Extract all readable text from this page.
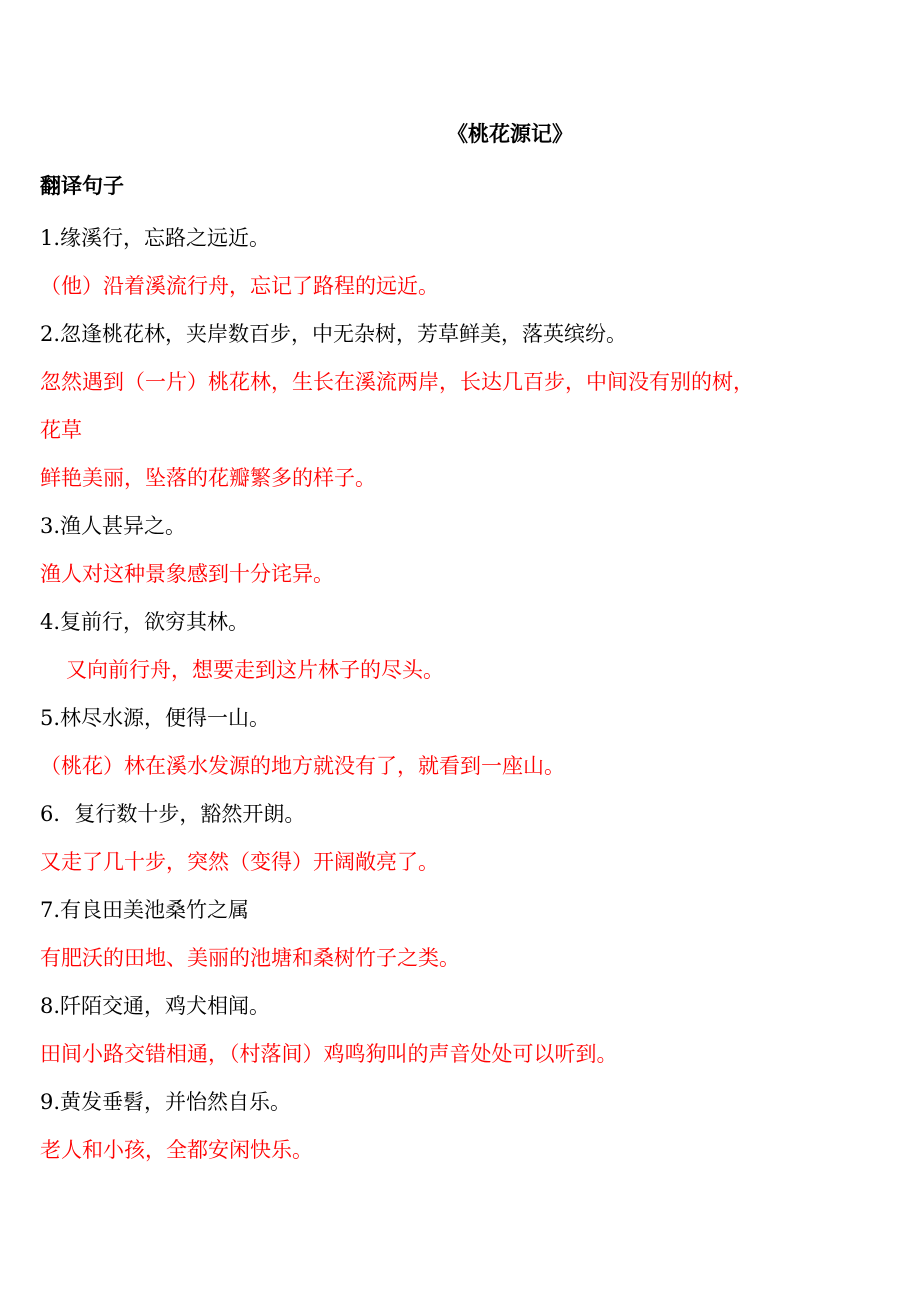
《桃花源记》
翻译句子
1.缘溪行，忘路之远近。
（他）沿着溪流行舟，忘记了路程的远近。
2.忽逢桃花林，夹岸数百步，中无杂树，芳草鲜美，落英缤纷。
忽然遇到（一片）桃花林，生长在溪流两岸，长达几百步，中间没有别的树，
花草
鲜艳美丽，坠落的花瓣繁多的样子。
3.渔人甚异之。
渔人对这种景象感到十分诧异。
4.复前行，欲穷其林。
又向前行舟，想要走到这片林子的尽头。
5.林尽水源，便得一山。
（桃花）林在溪水发源的地方就没有了，就看到一座山。
6．复行数十步，豁然开朗。
又走了几十步，突然（变得）开阔敞亮了。
7.有良田美池桑竹之属
有肥沃的田地、美丽的池塘和桑树竹子之类。
8.阡陌交通，鸡犬相闻。
田间小路交错相通，（村落间）鸡鸣狗叫的声音处处可以听到。
9.黄发垂髫，并怡然自乐。
老人和小孩，全都安闲快乐。
